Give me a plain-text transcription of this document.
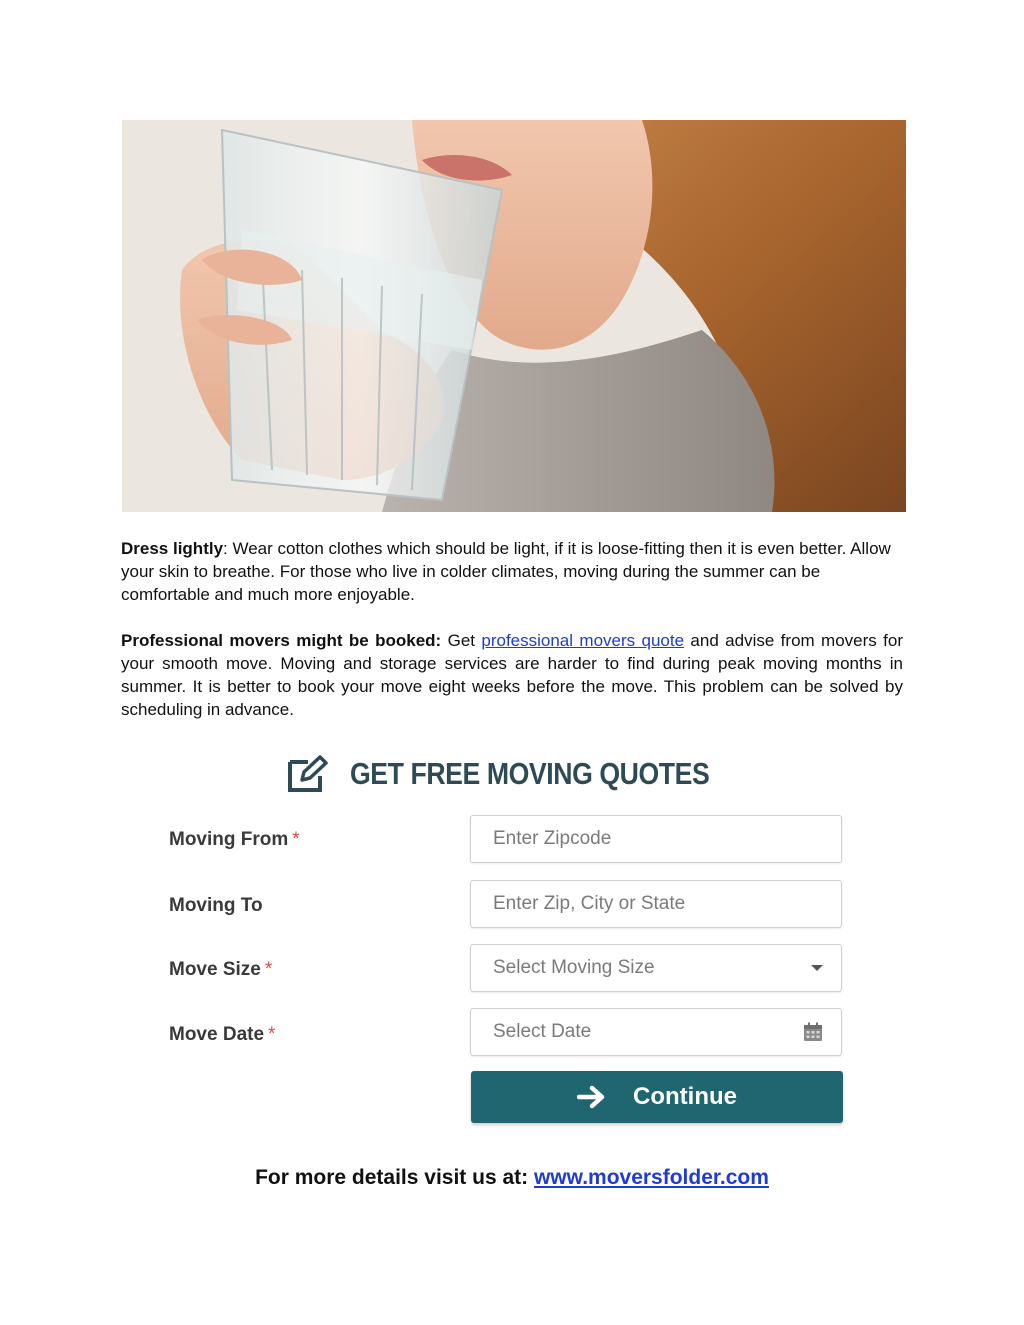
Dress lightly: Wear cotton clothes which should be light, if it is loose-fitting then it is even better. Allow your skin to breathe. For those who live in colder climates, moving during the summer can be comfortable and much more enjoyable.
Professional movers might be booked: Get professional movers quote and advise from movers for your smooth move. Moving and storage services are harder to find during peak moving months in summer. It is better to book your move eight weeks before the move. This problem can be solved by scheduling in advance.
GET FREE MOVING QUOTES
Moving From *	Enter Zipcode
Moving To	Enter Zip, City or State
Move Size *	Select Moving Size
Move Date *	Select Date
Continue
For more details visit us at: www.moversfolder.com
